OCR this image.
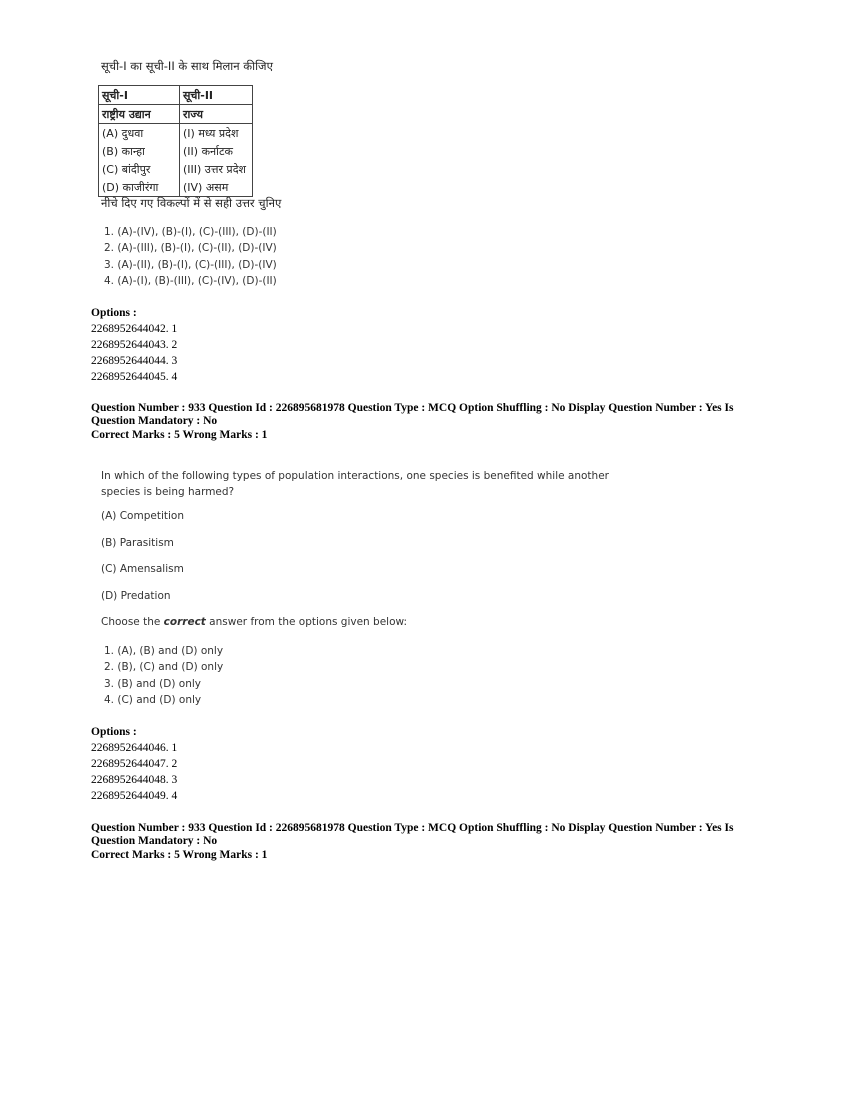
सूची-I का सूची-II के साथ मिलान कीजिए
सूची-I	सूची-II
राष्ट्रीय उद्यान	राज्य
(A) दुधवा	(I) मध्य प्रदेश
(B) कान्हा	(II) कर्नाटक
(C) बांदीपुर	(III) उत्तर प्रदेश
(D) काजीरंगा	(IV) असम
नीचे दिए गए विकल्पों में से सही उत्तर चुनिए
1. (A)-(IV), (B)-(I), (C)-(III), (D)-(II)
2. (A)-(III), (B)-(I), (C)-(II), (D)-(IV)
3. (A)-(II), (B)-(I), (C)-(III), (D)-(IV)
4. (A)-(I), (B)-(III), (C)-(IV), (D)-(II)
Options :
2268952644042. 1
2268952644043. 2
2268952644044. 3
2268952644045. 4
Question Number : 933 Question Id : 226895681978 Question Type : MCQ Option Shuffling : No Display Question Number : Yes Is Question Mandatory : No
Correct Marks : 5 Wrong Marks : 1
In which of the following types of population interactions, one species is benefited while another species is being harmed?
(A) Competition
(B) Parasitism
(C) Amensalism
(D) Predation
Choose the correct answer from the options given below:
1. (A), (B) and (D) only
2. (B), (C) and (D) only
3. (B) and (D) only
4. (C) and (D) only
Options :
2268952644046. 1
2268952644047. 2
2268952644048. 3
2268952644049. 4
Question Number : 933 Question Id : 226895681978 Question Type : MCQ Option Shuffling : No Display Question Number : Yes Is Question Mandatory : No
Correct Marks : 5 Wrong Marks : 1
